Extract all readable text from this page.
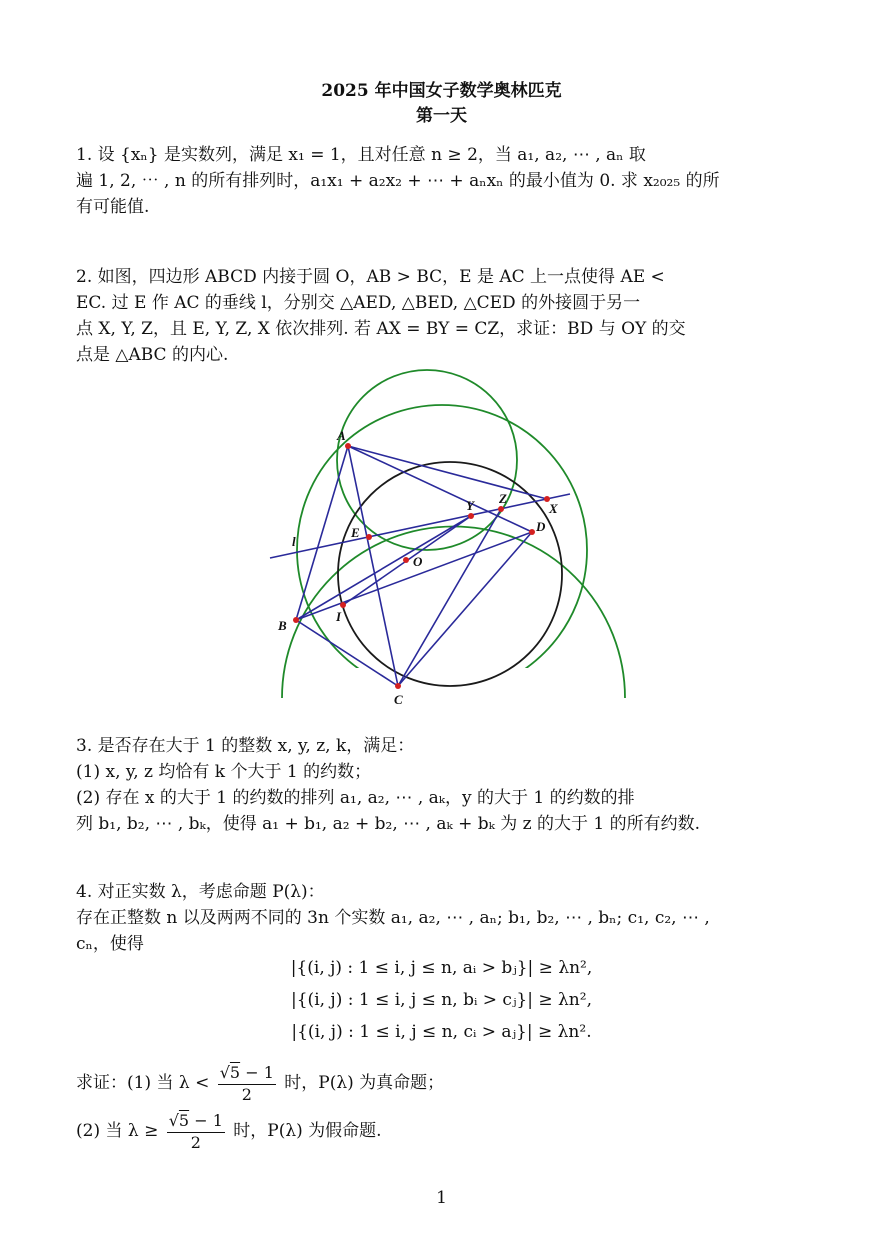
2025 年中国女子数学奥林匹克
第一天

1. 设 {xₙ} 是实数列，满足 x₁ = 1，且对任意 n ≥ 2，当 a₁, a₂, ⋯ , aₙ 取

遍 1, 2, ⋯ , n 的所有排列时，a₁x₁ + a₂x₂ + ⋯ + aₙxₙ 的最小值为 0. 求 x₂₀₂₅ 的所

有可能值.

2. 如图，四边形 ABCD 内接于圆 O，AB > BC，E 是 AC 上一点使得 AE <

EC. 过 E 作 AC 的垂线 l，分别交 △AED, △BED, △CED 的外接圆于另一

点 X, Y, Z，且 E, Y, Z, X 依次排列. 若 AX = BY = CZ，求证：BD 与 OY 的交

点是 △ABC 的内心.

A
B
C
D
E
X
Y Z
O
I
l

3. 是否存在大于 1 的整数 x, y, z, k，满足：

(1) x, y, z 均恰有 k 个大于 1 的约数；

(2) 存在 x 的大于 1 的约数的排列 a₁, a₂, ⋯ , aₖ，y 的大于 1 的约数的排

列 b₁, b₂, ⋯ , bₖ，使得 a₁ + b₁, a₂ + b₂, ⋯ , aₖ + bₖ 为 z 的大于 1 的所有约数.

4. 对正实数 λ，考虑命题 P(λ)：

存在正整数 n 以及两两不同的 3n 个实数 a₁, a₂, ⋯ , aₙ; b₁, b₂, ⋯ , bₙ; c₁, c₂, ⋯ ,

cₙ，使得

|{(i, j) : 1 ≤ i, j ≤ n, aᵢ > bⱼ}| ≥ λn²,

|{(i, j) : 1 ≤ i, j ≤ n, bᵢ > cⱼ}| ≥ λn²,

|{(i, j) : 1 ≤ i, j ≤ n, cᵢ > aⱼ}| ≥ λn².

求证：(1) 当 $\lambda < \frac{√5 - 1}{2}$ 时，P(λ) 为真命题；
(2) 当 $\lambda \ge \frac{√5 - 1}{2}$ 时，P(λ) 为假命题.

1
